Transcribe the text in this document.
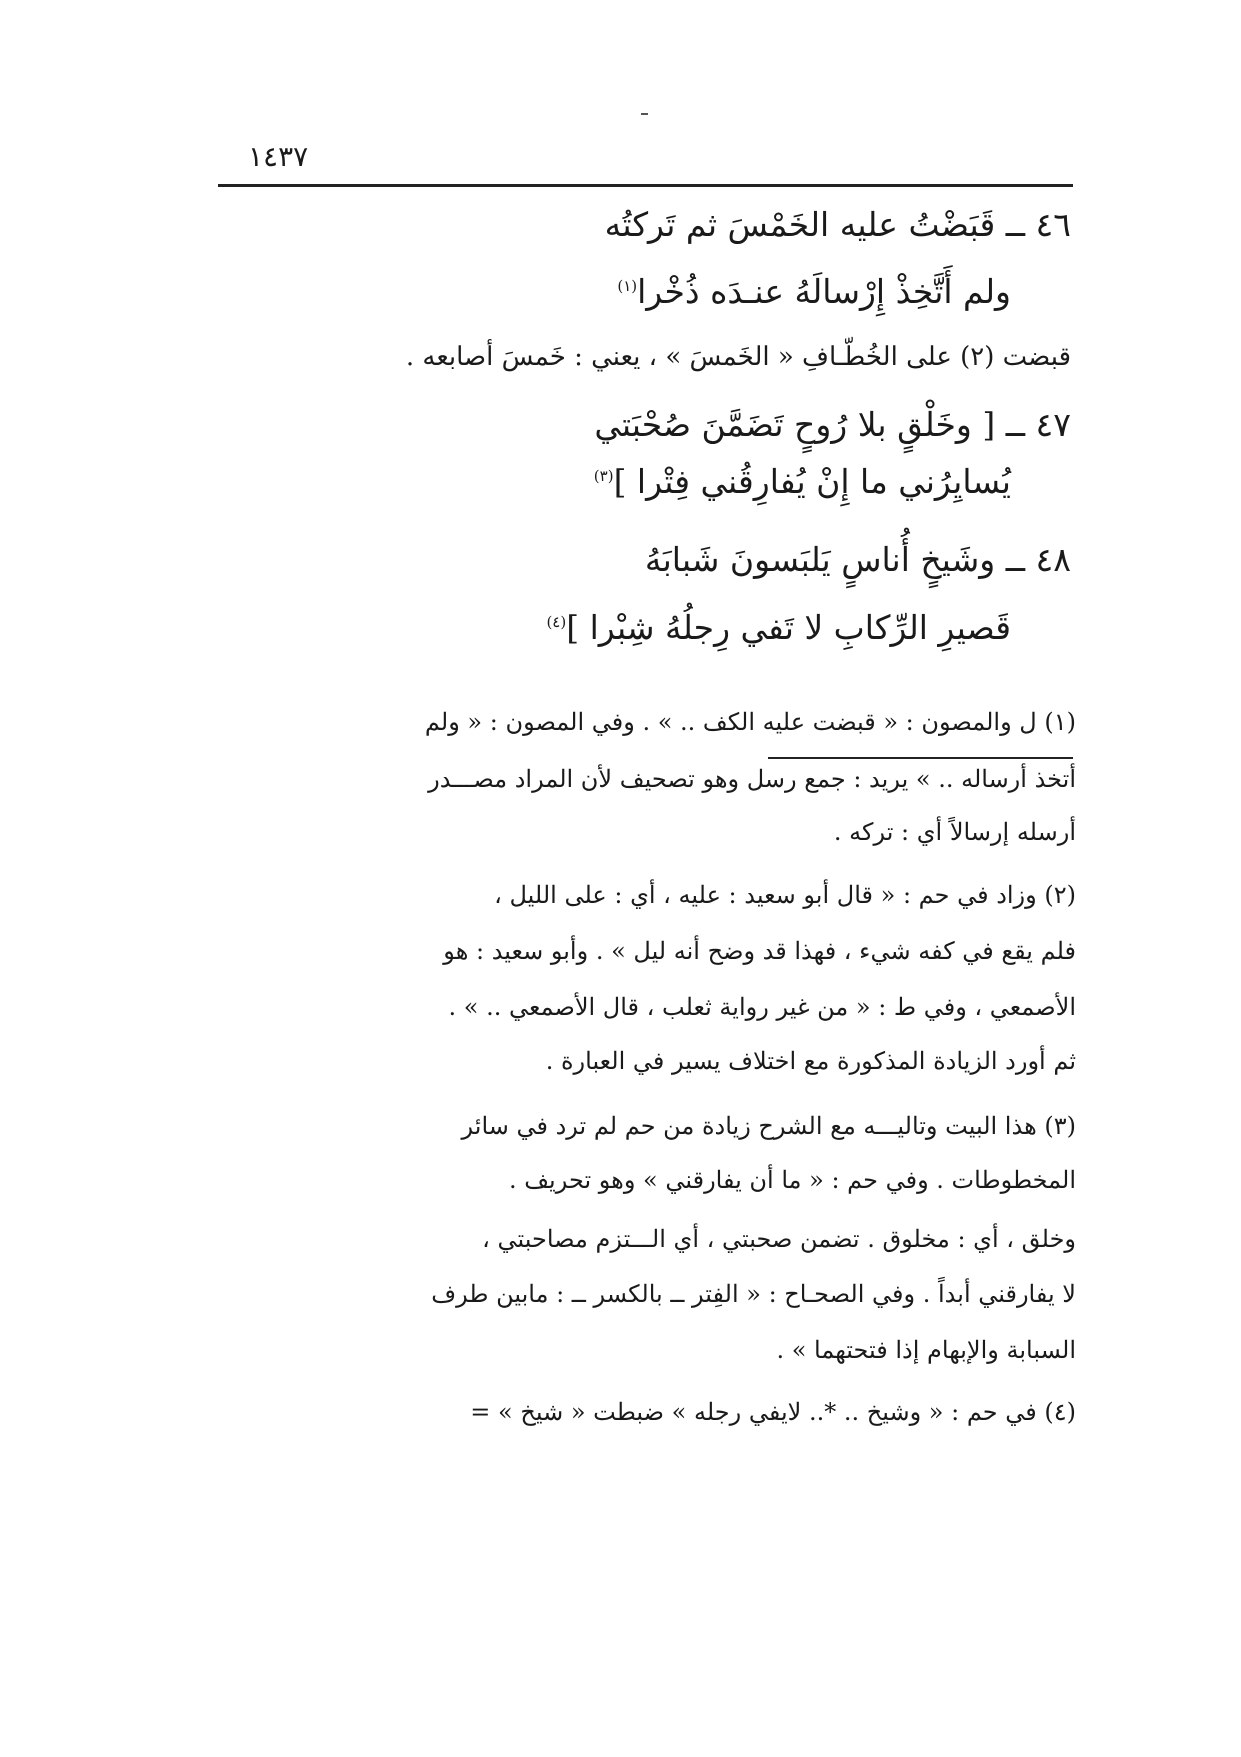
١٤٣٧
٤٦ ــ قَبَضْتُ عليه الخَمْسَ ثم تَركتُه
ولم أَتَّخِذْ إِرْسالَهُ عنـدَه ذُخْرا$^{(١)}$
قبضت (٢) على الخُطّـافِ « الخَمسَ » ، يعني : خَمسَ أصابعه .
٤٧ ــ [ وخَلْقٍ بلا رُوحٍ تَضَمَّنَ صُحْبَتي
يُسايِرُني ما إِنْ يُفارِقُني فِتْرا ]$^{(٣)}$
٤٨ ــ وشَيخٍ أُناسٍ يَلبَسونَ شَبابَهُ
قَصيرِ الرِّكابِ لا تَفي رِجلُهُ شِبْرا ]$^{(٤)}$
(١) ل والمصون : « قبضت عليه الكف .. » . وفي المصون : « ولم
أتخذ أرساله .. » يريد : جمع رسل وهو تصحيف لأن المراد مصـــدر
أرسله إرسالاً أي : تركه .
(٢) وزاد في حم : « قال أبو سعيد : عليه ، أي : على الليل ،
فلم يقع في كفه شيء ، فهذا قد وضح أنه ليل » . وأبو سعيد : هو
الأصمعي ، وفي ط : « من غير رواية ثعلب ، قال الأصمعي .. » .
ثم أورد الزيادة المذكورة مع اختلاف يسير في العبارة .
(٣) هذا البيت وتاليـــه مع الشرح زيادة من حم لم ترد في سائر
المخطوطات . وفي حم : « ما أن يفارقني » وهو تحريف .
وخلق ، أي : مخلوق . تضمن صحبتي ، أي الـــتزم مصاحبتي ،
لا يفارقني أبداً . وفي الصحـاح : « الفِتر ــ بالكسر ــ : مابين طرف
السبابة والإبهام إذا فتحتهما » .
(٤) في حم : « وشيخ .. *.. لايفي رجله » ضبطت « شيخ » =
